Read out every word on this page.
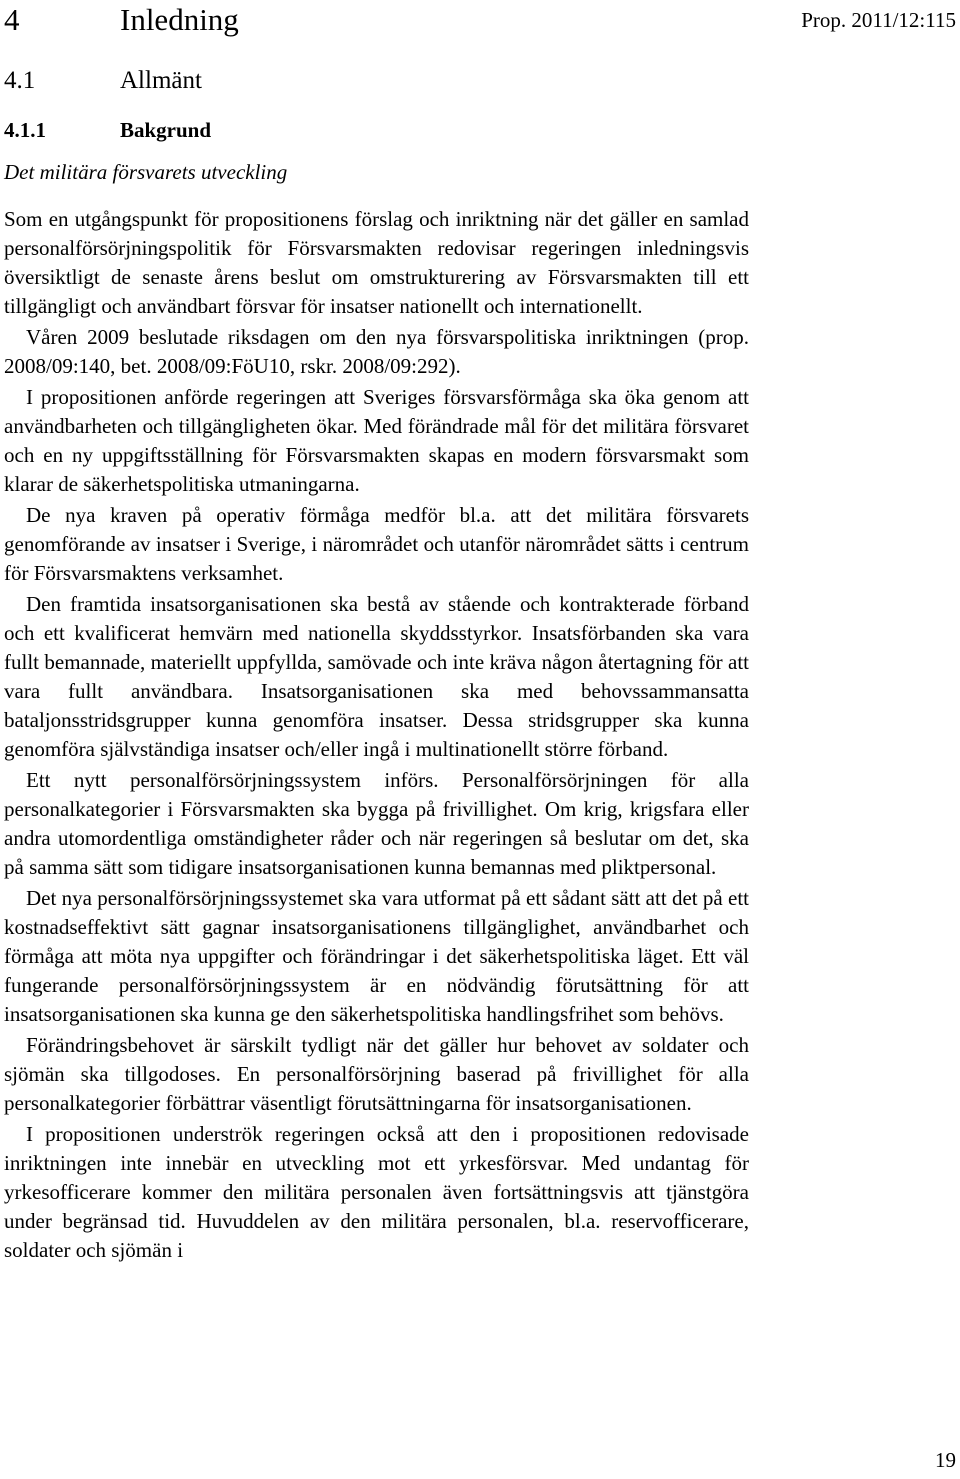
4	Inledning	Prop. 2011/12:115
4.1	Allmänt
4.1.1	Bakgrund
Det militära försvarets utveckling

Som en utgångspunkt för propositionens förslag och inriktning när det gäller en samlad personalförsörjningspolitik för Försvarsmakten redovisar regeringen inledningsvis översiktligt de senaste årens beslut om omstrukturering av Försvarsmakten till ett tillgängligt och användbart försvar för insatser nationellt och internationellt.

Våren 2009 beslutade riksdagen om den nya försvarspolitiska inriktningen (prop. 2008/09:140, bet. 2008/09:FöU10, rskr. 2008/09:292).

I propositionen anförde regeringen att Sveriges försvarsförmåga ska öka genom att användbarheten och tillgängligheten ökar. Med förändrade mål för det militära försvaret och en ny uppgiftsställning för Försvarsmakten skapas en modern försvarsmakt som klarar de säkerhetspolitiska utmaningarna.

De nya kraven på operativ förmåga medför bl.a. att det militära försvarets genomförande av insatser i Sverige, i närområdet och utanför närområdet sätts i centrum för Försvarsmaktens verksamhet.

Den framtida insatsorganisationen ska bestå av stående och kontrakterade förband och ett kvalificerat hemvärn med nationella skyddsstyrkor. Insatsförbanden ska vara fullt bemannade, materiellt uppfyllda, samövade och inte kräva någon återtagning för att vara fullt användbara. Insatsorganisationen ska med behovssammansatta bataljonsstridsgrupper kunna genomföra insatser. Dessa stridsgrupper ska kunna genomföra självständiga insatser och/eller ingå i multinationellt större förband.

Ett nytt personalförsörjningssystem införs. Personalförsörjningen för alla personalkategorier i Försvarsmakten ska bygga på frivillighet. Om krig, krigsfara eller andra utomordentliga omständigheter råder och när regeringen så beslutar om det, ska på samma sätt som tidigare insatsorganisationen kunna bemannas med pliktpersonal.

Det nya personalförsörjningssystemet ska vara utformat på ett sådant sätt att det på ett kostnadseffektivt sätt gagnar insatsorganisationens tillgänglighet, användbarhet och förmåga att möta nya uppgifter och förändringar i det säkerhetspolitiska läget. Ett väl fungerande personalförsörjningssystem är en nödvändig förutsättning för att insatsorganisationen ska kunna ge den säkerhetspolitiska handlingsfrihet som behövs.

Förändringsbehovet är särskilt tydligt när det gäller hur behovet av soldater och sjömän ska tillgodoses. En personalförsörjning baserad på frivillighet för alla personalkategorier förbättrar väsentligt förutsättningarna för insatsorganisationen.

I propositionen underströk regeringen också att den i propositionen redovisade inriktningen inte innebär en utveckling mot ett yrkesförsvar. Med undantag för yrkesofficerare kommer den militära personalen även fortsättningsvis att tjänstgöra under begränsad tid. Huvuddelen av den militära personalen, bl.a. reservofficerare, soldater och sjömän i

19
